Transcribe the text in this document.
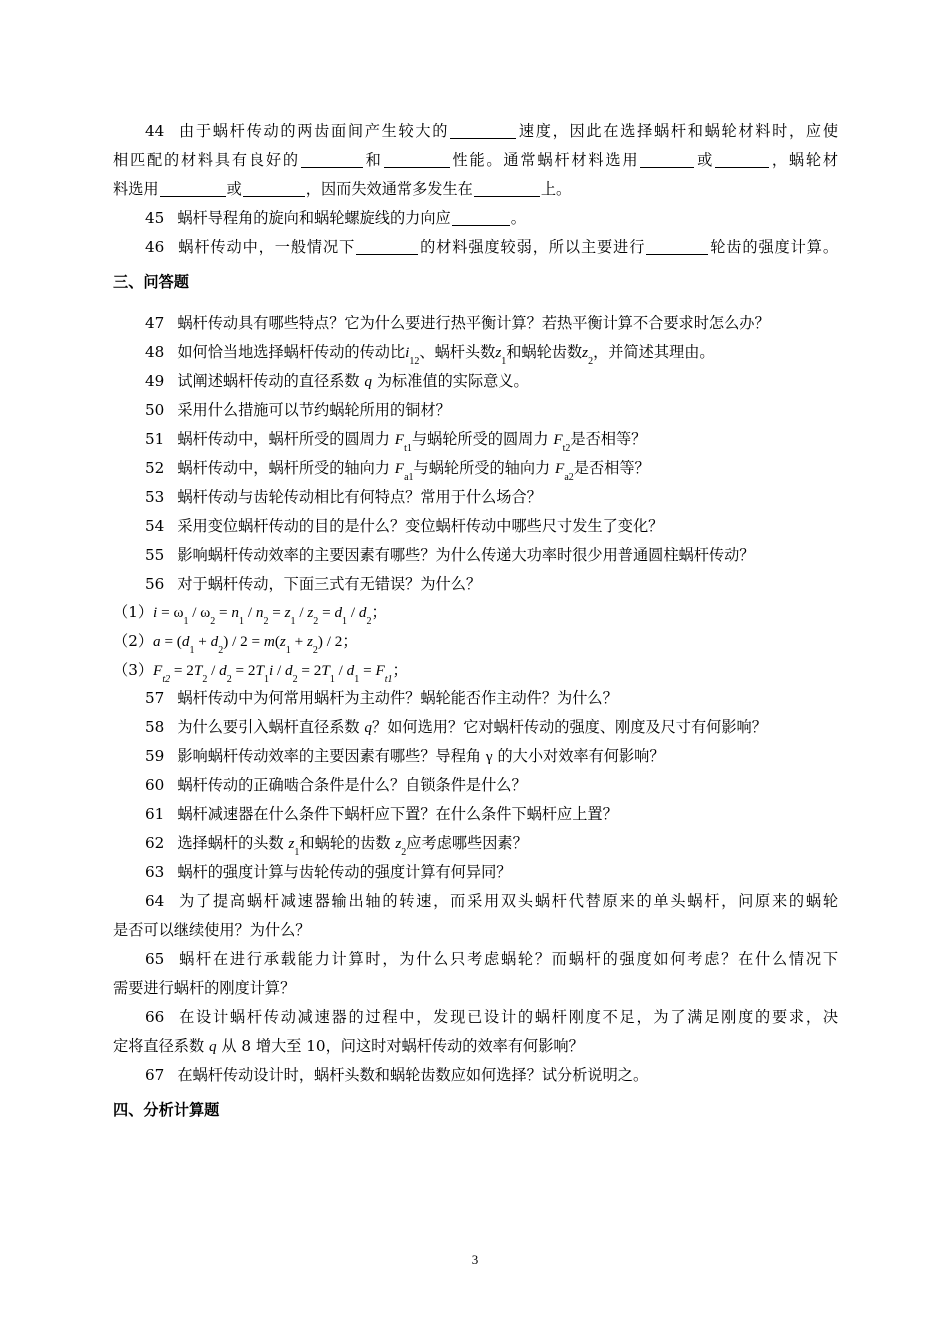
44 由于蜗杆传动的两齿面间产生较大的	速度，因此在选择蜗杆和蜗轮材料时，应使
相匹配的材料具有良好的	和	性能。通常蜗杆材料选用	或	，蜗轮材
料选用	或	，因而失效通常多发生在	上。
45 蜗杆导程角的旋向和蜗轮螺旋线的力向应	。
46 蜗杆传动中，一般情况下	的材料强度较弱，所以主要进行	轮齿的强度计算。
三、问答题
47 蜗杆传动具有哪些特点？它为什么要进行热平衡计算？若热平衡计算不合要求时怎么办？
48 如何恰当地选择蜗杆传动的传动比$i_{12}$、蜗杆头数$z_1$和蜗轮齿数$z_2$，并简述其理由。
49 试阐述蜗杆传动的直径系数 q 为标准值的实际意义。
50 采用什么措施可以节约蜗轮所用的铜材？
51 蜗杆传动中，蜗杆所受的圆周力 $F_{t1}$与蜗轮所受的圆周力 $F_{t2}$是否相等？
52 蜗杆传动中，蜗杆所受的轴向力 $F_{a1}$与蜗轮所受的轴向力 $F_{a2}$是否相等？
53 蜗杆传动与齿轮传动相比有何特点？常用于什么场合？
54 采用变位蜗杆传动的目的是什么？变位蜗杆传动中哪些尺寸发生了变化？
55 影响蜗杆传动效率的主要因素有哪些？为什么传递大功率时很少用普通圆柱蜗杆传动？
56 对于蜗杆传动，下面三式有无错误？为什么？
$(1)i = \omega_1 / \omega_2 = n_1 / n_2 = z_1 / z_2 = d_1 / d_2$；
$(2)a = (d_1 + d_2) / 2 = m(z_1 + z_2) / 2$；
$(3)F_{t2} = 2T_2 / d_2 = 2T_1i / d_2 = 2T_1 / d_1 = F_{t1}$；
57 蜗杆传动中为何常用蜗杆为主动件？蜗轮能否作主动件？为什么？
58 为什么要引入蜗杆直径系数 q？如何选用？它对蜗杆传动的强度、刚度及尺寸有何影响？
59 影响蜗杆传动效率的主要因素有哪些？导程角 γ 的大小对效率有何影响？
60 蜗杆传动的正确啮合条件是什么？自锁条件是什么？
61 蜗杆减速器在什么条件下蜗杆应下置？在什么条件下蜗杆应上置？
62 选择蜗杆的头数 $z_1$和蜗轮的齿数 $z_2$应考虑哪些因素？
63 蜗杆的强度计算与齿轮传动的强度计算有何异同？
64 为了提高蜗杆减速器输出轴的转速，而采用双头蜗杆代替原来的单头蜗杆，问原来的蜗轮
是否可以继续使用？为什么？
65 蜗杆在进行承载能力计算时，为什么只考虑蜗轮？而蜗杆的强度如何考虑？在什么情况下
需要进行蜗杆的刚度计算？
66 在设计蜗杆传动减速器的过程中，发现已设计的蜗杆刚度不足，为了满足刚度的要求，决
定将直径系数 q 从 8 增大至 10，问这时对蜗杆传动的效率有何影响？
67 在蜗杆传动设计时，蜗杆头数和蜗轮齿数应如何选择？试分析说明之。
四、分析计算题
3
